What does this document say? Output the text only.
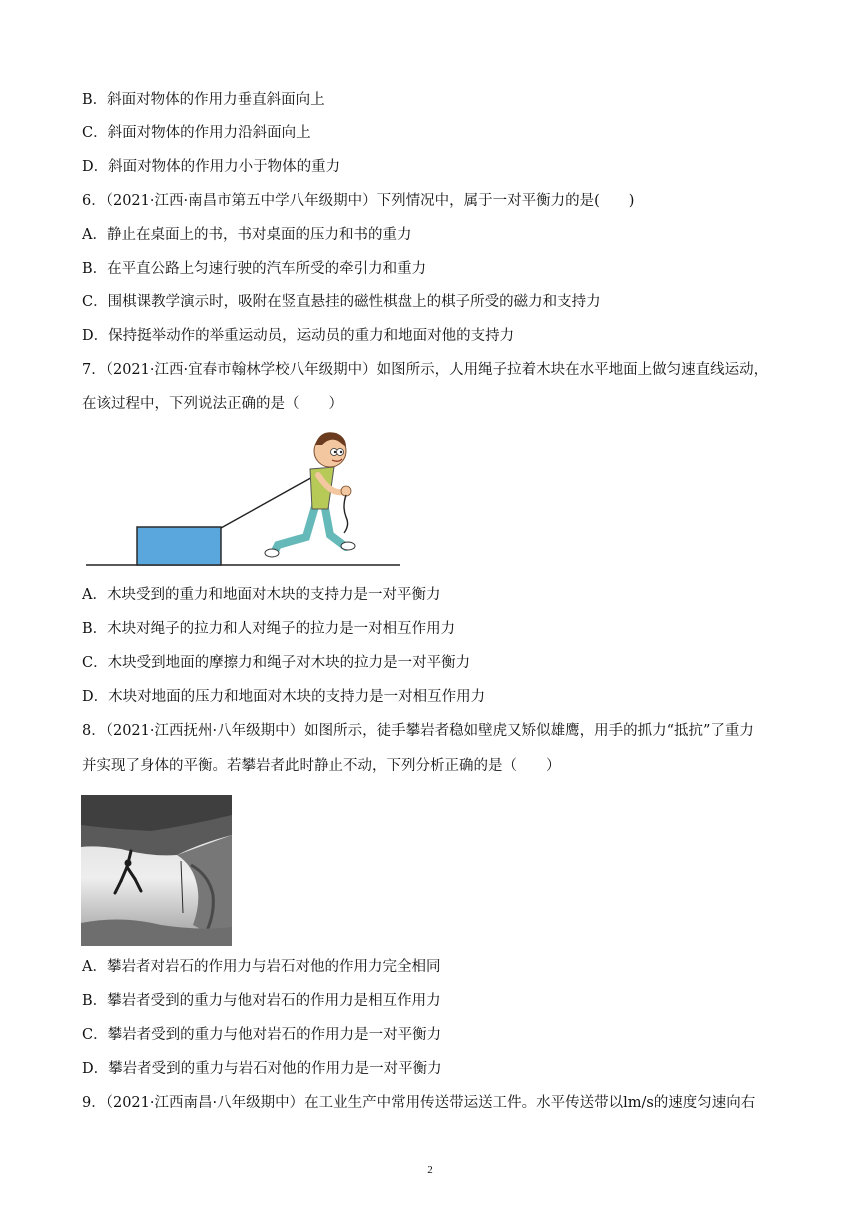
B．斜面对物体的作用力垂直斜面向上
C．斜面对物体的作用力沿斜面向上
D．斜面对物体的作用力小于物体的重力
6．（2021·江西·南昌市第五中学八年级期中）下列情况中，属于一对平衡力的是(　　)
A．静止在桌面上的书，书对桌面的压力和书的重力
B．在平直公路上匀速行驶的汽车所受的牵引力和重力
C．围棋课教学演示时，吸附在竖直悬挂的磁性棋盘上的棋子所受的磁力和支持力
D．保持挺举动作的举重运动员，运动员的重力和地面对他的支持力
7．（2021·江西·宜春市翰林学校八年级期中）如图所示，人用绳子拉着木块在水平地面上做匀速直线运动，
在该过程中，下列说法正确的是（　　）
A．木块受到的重力和地面对木块的支持力是一对平衡力
B．木块对绳子的拉力和人对绳子的拉力是一对相互作用力
C．木块受到地面的摩擦力和绳子对木块的拉力是一对平衡力
D．木块对地面的压力和地面对木块的支持力是一对相互作用力
8．（2021·江西抚州·八年级期中）如图所示，徒手攀岩者稳如壁虎又矫似雄鹰，用手的抓力“抵抗”了重力
并实现了身体的平衡。若攀岩者此时静止不动，下列分析正确的是（　　）
A．攀岩者对岩石的作用力与岩石对他的作用力完全相同
B．攀岩者受到的重力与他对岩石的作用力是相互作用力
C．攀岩者受到的重力与他对岩石的作用力是一对平衡力
D．攀岩者受到的重力与岩石对他的作用力是一对平衡力
9．（2021·江西南昌·八年级期中）在工业生产中常用传送带运送工件。水平传送带以lm/s的速度匀速向右
2
